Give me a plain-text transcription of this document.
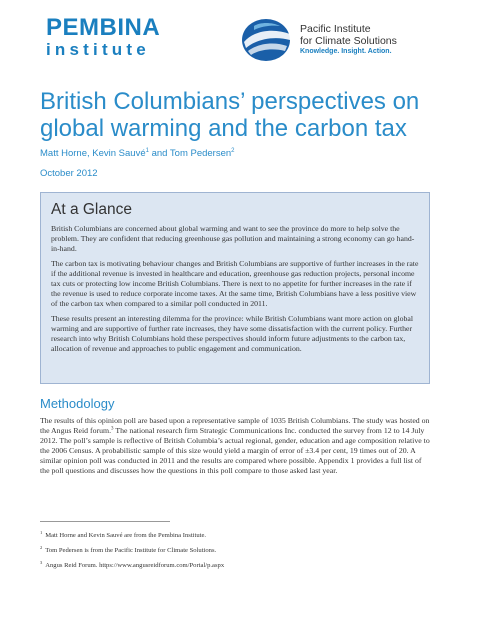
PEMBINA
institute
Pacific Institute
for Climate Solutions
Knowledge. Insight. Action.
British Columbians’ perspectives on global warming and the carbon tax
Matt Horne, Kevin Sauvé$^1$ and Tom Pedersen$^2$
October 2012
At a Glance

British Columbians are concerned about global warming and want to see the province do more to help solve the problem. They are confident that reducing greenhouse gas pollution and maintaining a strong economy can go hand-in-hand.

The carbon tax is motivating behaviour changes and British Columbians are supportive of further increases in the rate if the additional revenue is invested in healthcare and education, greenhouse gas reduction projects, personal income tax cuts or protecting low income British Columbians. There is next to no appetite for further increases in the rate if the revenue is used to reduce corporate income taxes. At the same time, British Columbians have a less positive view of the carbon tax when compared to a similar poll conducted in 2011.

These results present an interesting dilemma for the province: while British Columbians want more action on global warming and are supportive of further rate increases, they have some dissatisfaction with the current policy. Further research into why British Columbians hold these perspectives should inform future adjustments to the carbon tax, allocation of revenue and approaches to public engagement and communication.

Methodology

The results of this opinion poll are based upon a representative sample of 1035 British Columbians. The study was hosted on the Angus Reid forum.$^3$ The national research firm Strategic Communications Inc. conducted the survey from 12 to 14 July 2012. The poll’s sample is reflective of British Columbia’s actual regional, gender, education and age composition relative to the 2006 Census. A probabilistic sample of this size would yield a margin of error of ±3.4 per cent, 19 times out of 20. A similar opinion poll was conducted in 2011 and the results are compared where possible. Appendix 1 provides a full list of the poll questions and discusses how the questions in this poll compare to those asked last year.

$^1$ Matt Horne and Kevin Sauvé are from the Pembina Institute.
$^2$ Tom Pedersen is from the Pacific Institute for Climate Solutions.
$^3$ Angus Reid Forum. https://www.angusreidforum.com/Portal/p.aspx
